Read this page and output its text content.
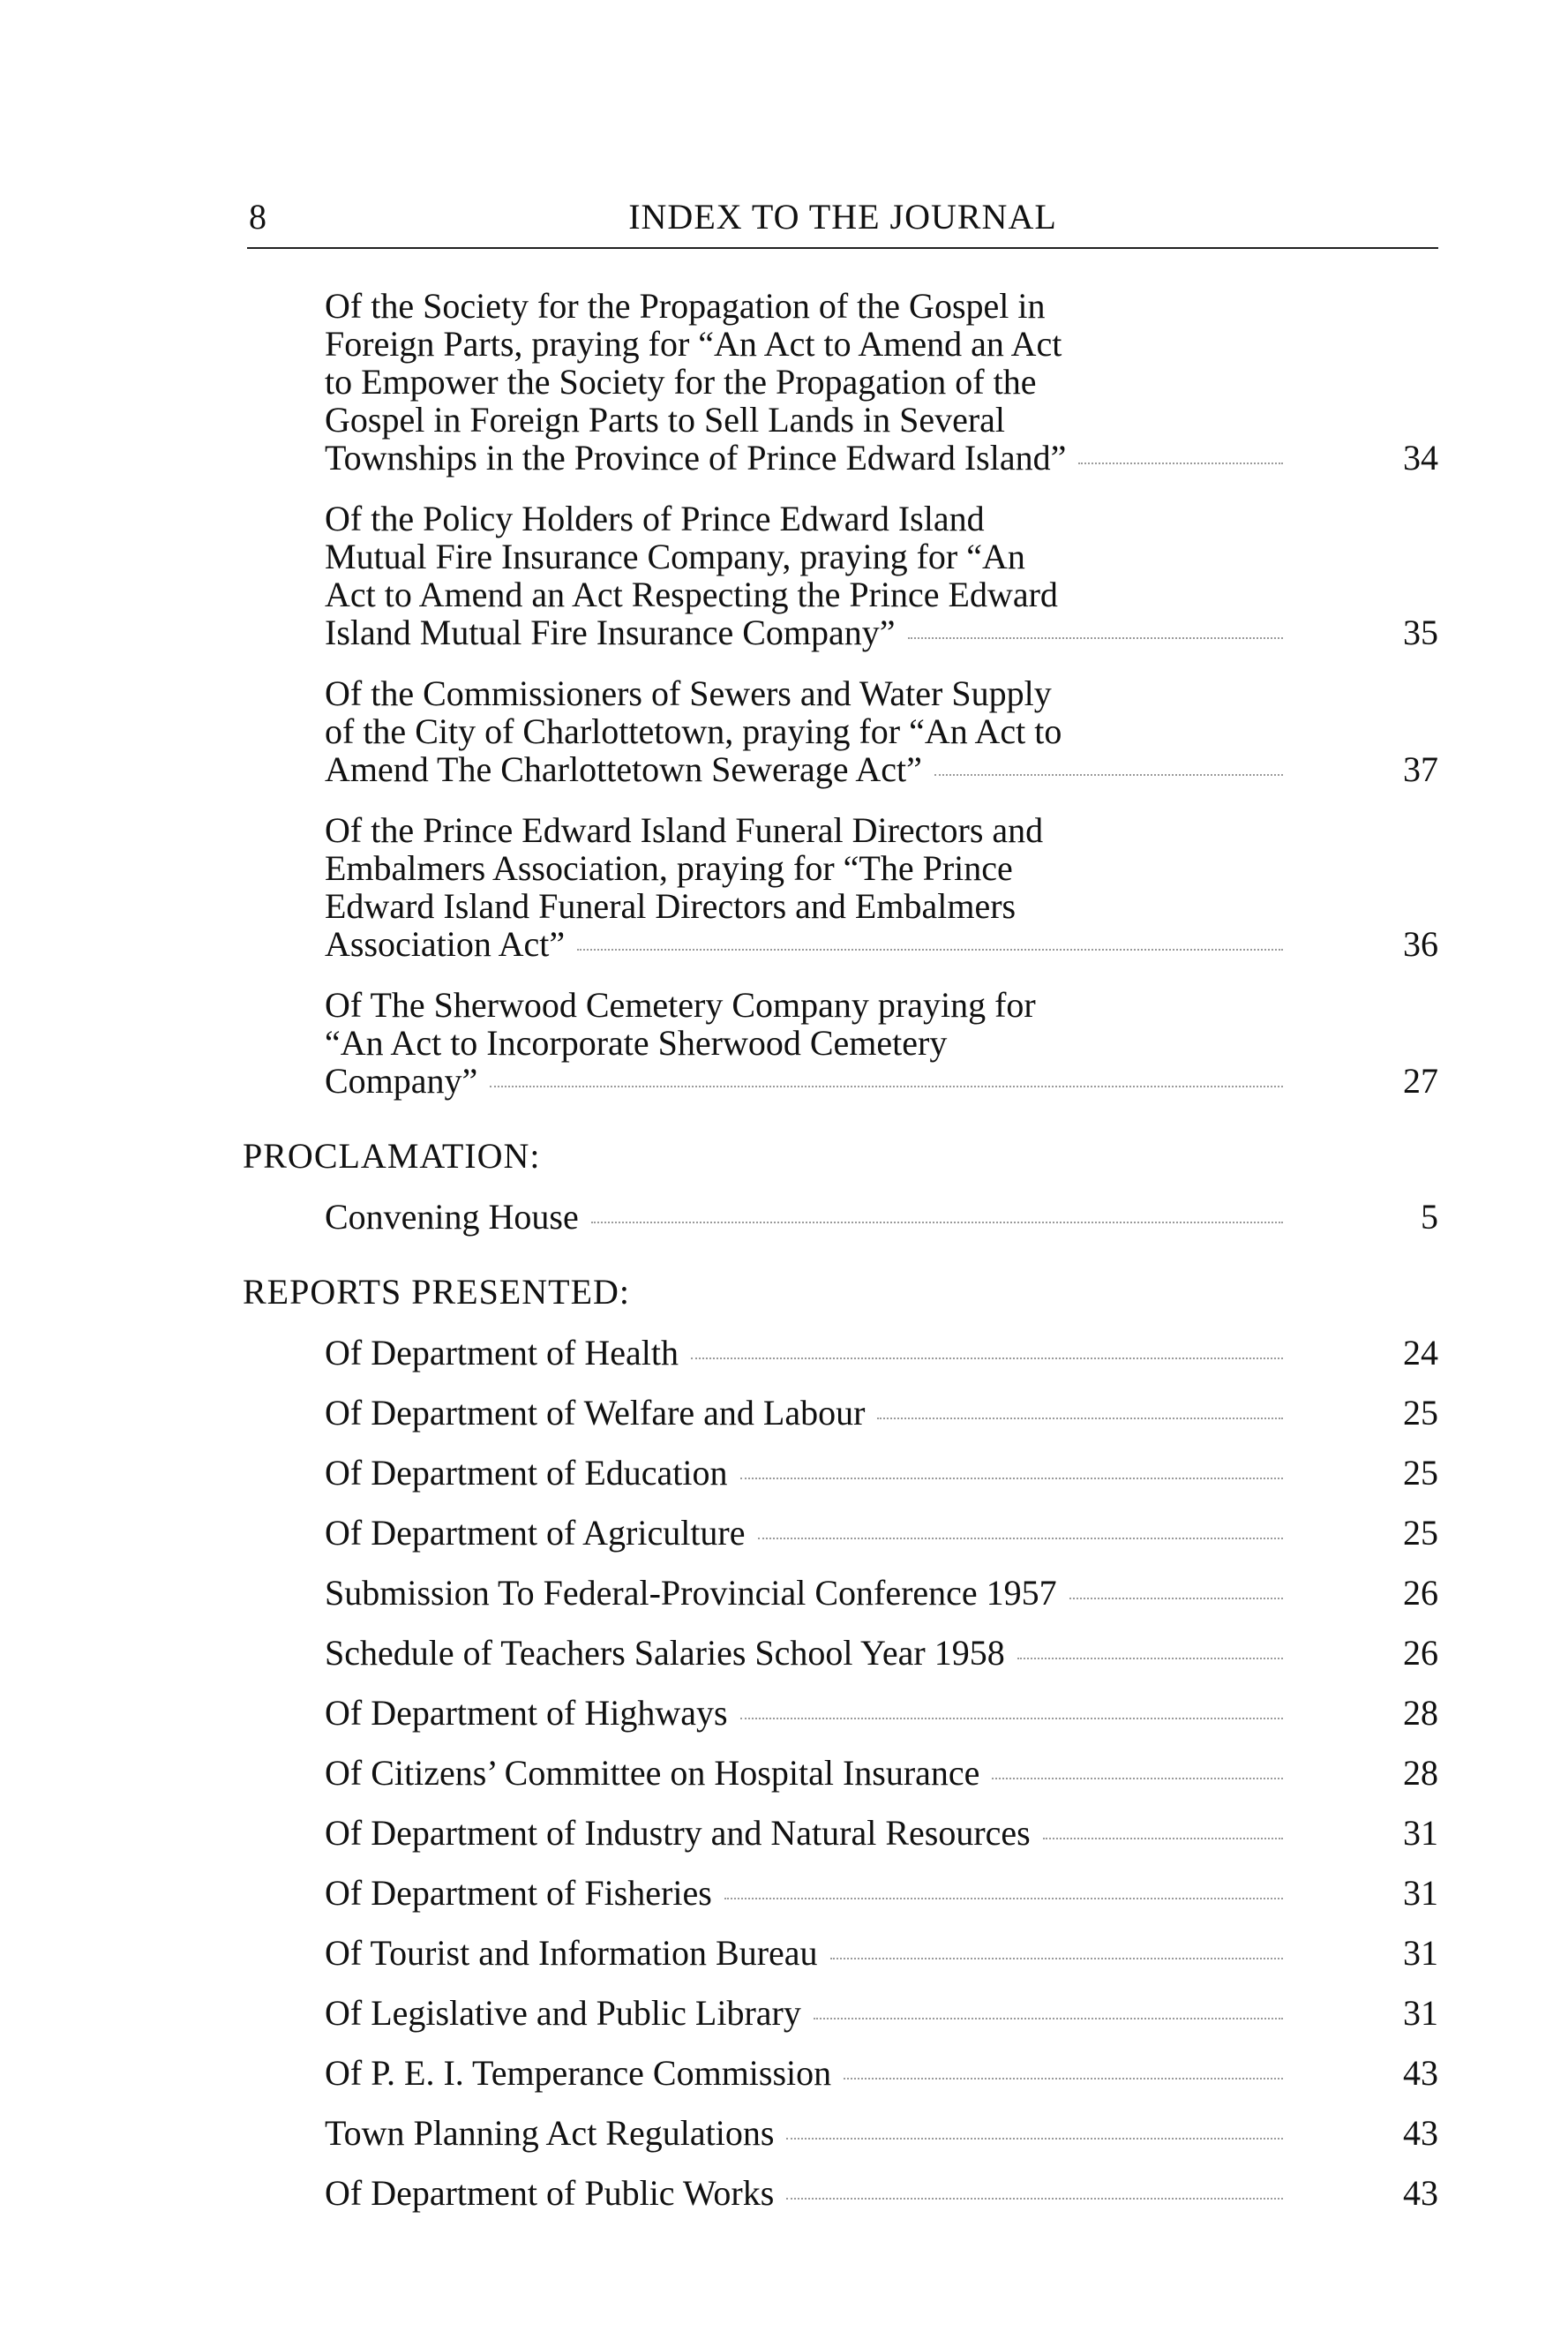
8	INDEX TO THE JOURNAL
Of the Society for the Propagation of the Gospel in
Foreign Parts, praying for “An Act to Amend an Act
to Empower the Society for the Propagation of the
Gospel in Foreign Parts to Sell Lands in Several
Townships in the Province of Prince Edward Island”	34
Of the Policy Holders of Prince Edward Island
Mutual Fire Insurance Company, praying for “An
Act to Amend an Act Respecting the Prince Edward
Island Mutual Fire Insurance Company”	35
Of the Commissioners of Sewers and Water Supply
of the City of Charlottetown, praying for “An Act to
Amend The Charlottetown Sewerage Act”	37
Of the Prince Edward Island Funeral Directors and
Embalmers Association, praying for “The Prince
Edward Island Funeral Directors and Embalmers
Association Act”	36
Of The Sherwood Cemetery Company praying for
“An Act to Incorporate Sherwood Cemetery
Company”	27
PROCLAMATION:
Convening House	5
REPORTS PRESENTED:
Of Department of Health	24
Of Department of Welfare and Labour	25
Of Department of Education	25
Of Department of Agriculture	25
Submission To Federal-Provincial Conference 1957	26
Schedule of Teachers Salaries School Year 1958	26
Of Department of Highways	28
Of Citizens’ Committee on Hospital Insurance	28
Of Department of Industry and Natural Resources	31
Of Department of Fisheries	31
Of Tourist and Information Bureau	31
Of Legislative and Public Library	31
Of P. E. I. Temperance Commission	43
Town Planning Act Regulations	43
Of Department of Public Works	43
